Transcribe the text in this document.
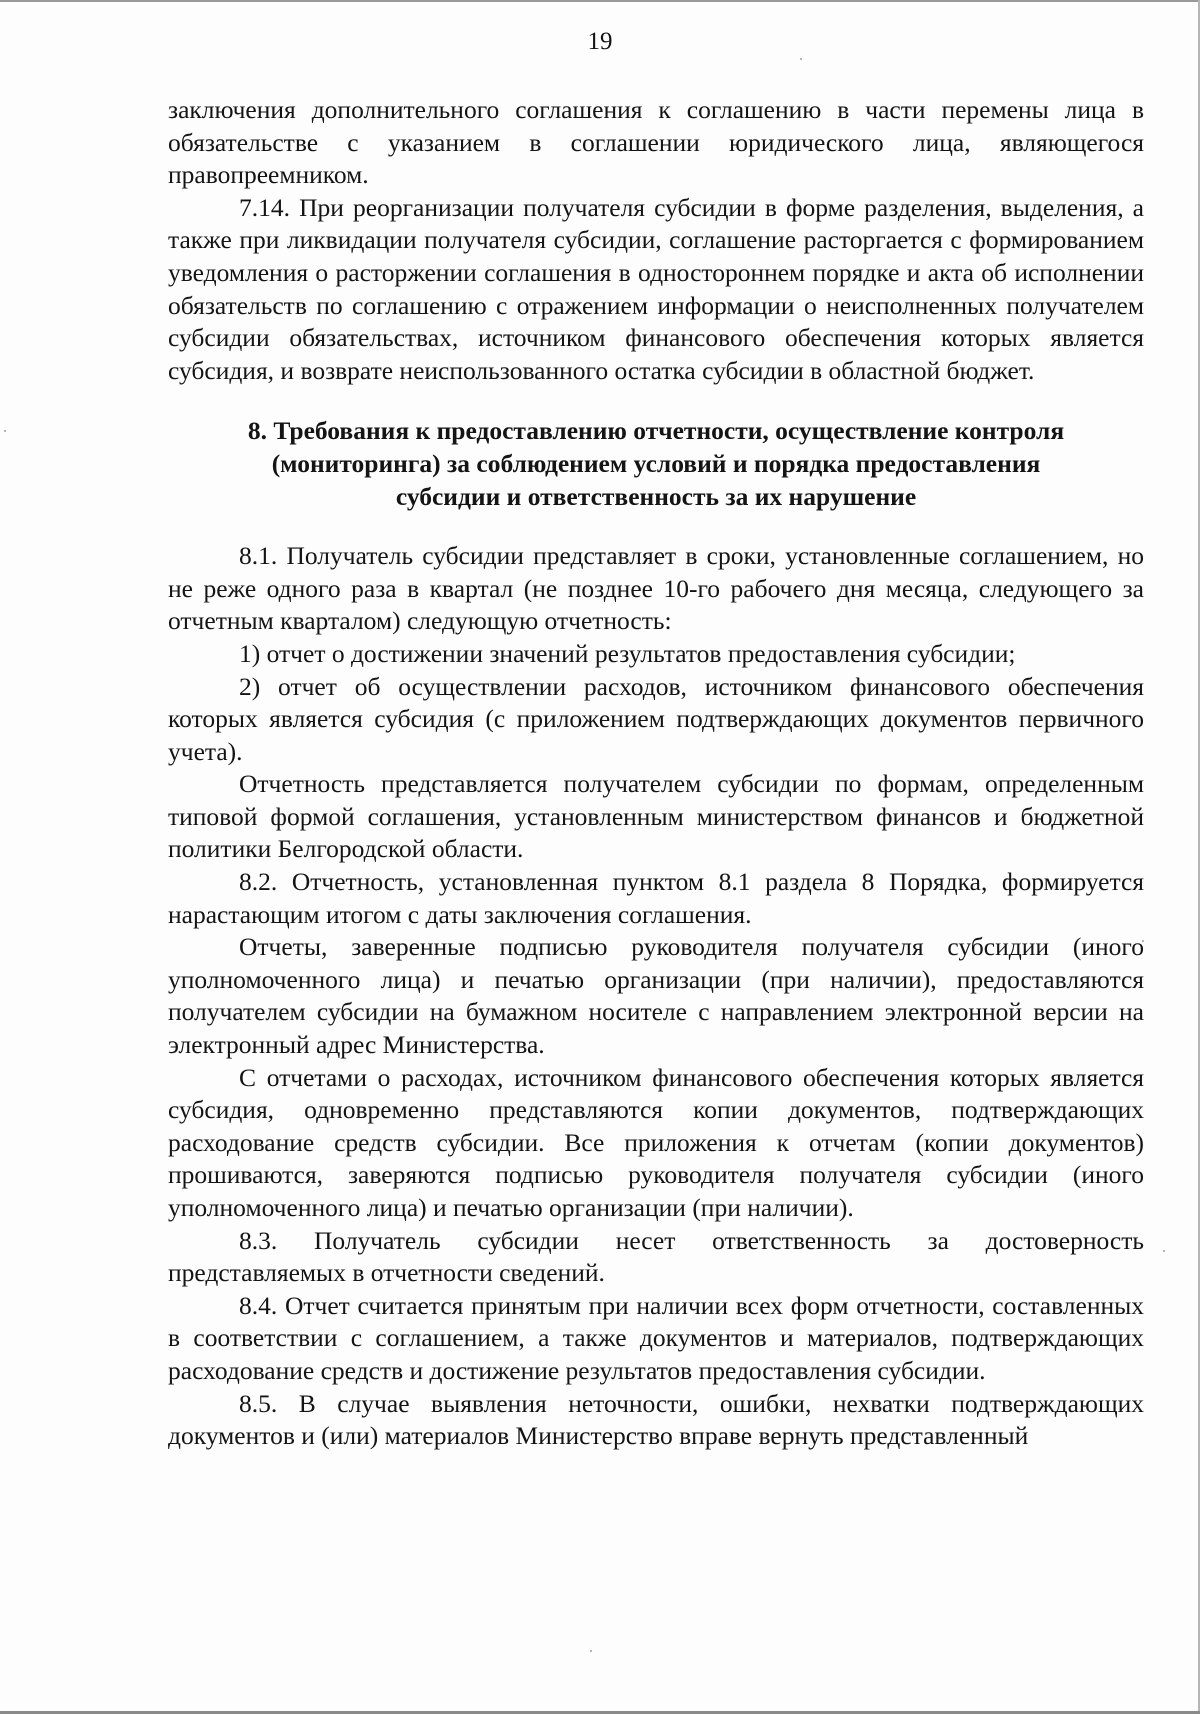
19

заключения дополнительного соглашения к соглашению в части перемены лица в обязательстве с указанием в соглашении юридического лица, являющегося правопреемником.

7.14. При реорганизации получателя субсидии в форме разделения, выделения, а также при ликвидации получателя субсидии, соглашение расторгается с формированием уведомления о расторжении соглашения в одностороннем порядке и акта об исполнении обязательств по соглашению с отражением информации о неисполненных получателем субсидии обязательствах, источником финансового обеспечения которых является субсидия, и возврате неиспользованного остатка субсидии в областной бюджет.

8. Требования к предоставлению отчетности, осуществление контроля (мониторинга) за соблюдением условий и порядка предоставления субсидии и ответственность за их нарушение

8.1. Получатель субсидии представляет в сроки, установленные соглашением, но не реже одного раза в квартал (не позднее 10-го рабочего дня месяца, следующего за отчетным кварталом) следующую отчетность:

1) отчет о достижении значений результатов предоставления субсидии;

2) отчет об осуществлении расходов, источником финансового обеспечения которых является субсидия (с приложением подтверждающих документов первичного учета).

Отчетность представляется получателем субсидии по формам, определенным типовой формой соглашения, установленным министерством финансов и бюджетной политики Белгородской области.

8.2. Отчетность, установленная пунктом 8.1 раздела 8 Порядка, формируется нарастающим итогом с даты заключения соглашения.

Отчеты, заверенные подписью руководителя получателя субсидии (иного уполномоченного лица) и печатью организации (при наличии), предоставляются получателем субсидии на бумажном носителе с направлением электронной версии на электронный адрес Министерства.

С отчетами о расходах, источником финансового обеспечения которых является субсидия, одновременно представляются копии документов, подтверждающих расходование средств субсидии. Все приложения к отчетам (копии документов) прошиваются, заверяются подписью руководителя получателя субсидии (иного уполномоченного лица) и печатью организации (при наличии).

8.3. Получатель субсидии несет ответственность за достоверность представляемых в отчетности сведений.

8.4. Отчет считается принятым при наличии всех форм отчетности, составленных в соответствии с соглашением, а также документов и материалов, подтверждающих расходование средств и достижение результатов предоставления субсидии.

8.5. В случае выявления неточности, ошибки, нехватки подтверждающих документов и (или) материалов Министерство вправе вернуть представленный
